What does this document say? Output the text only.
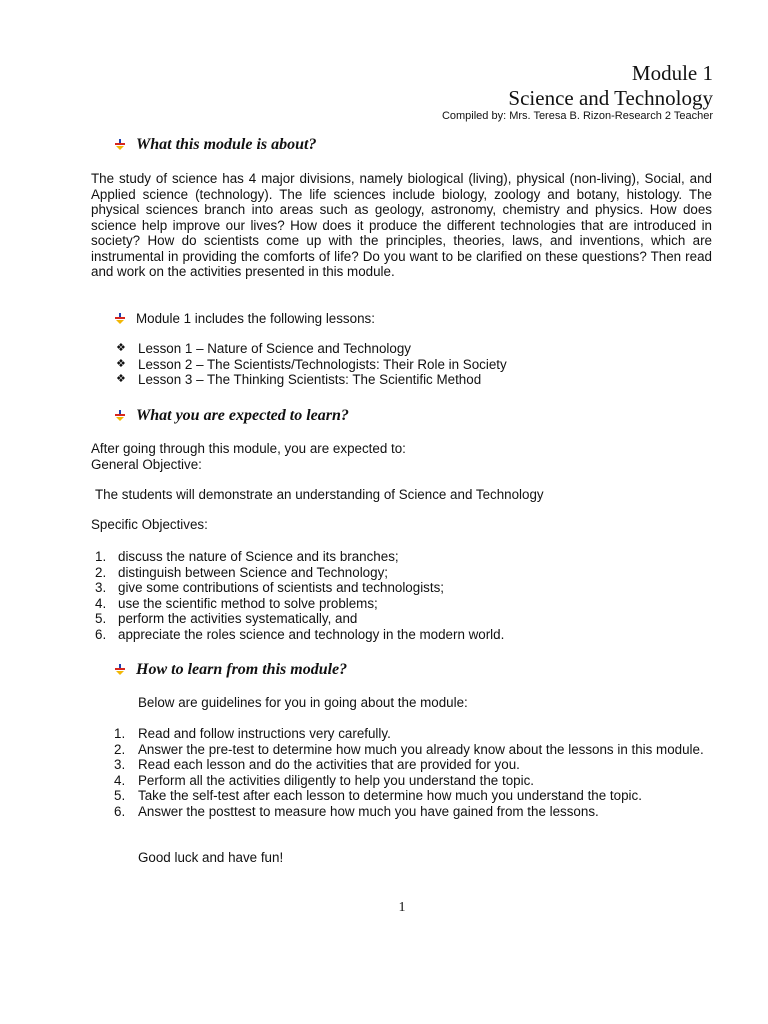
Module 1
Science and Technology
Compiled by: Mrs. Teresa B. Rizon-Research 2 Teacher
What this module is about?
The study of science has 4 major divisions, namely biological (living), physical (non-living), Social, and Applied science (technology). The life sciences include biology, zoology and botany, histology. The physical sciences branch into areas such as geology, astronomy, chemistry and physics. How does science help improve our lives? How does it produce the different technologies that are introduced in society? How do scientists come up with the principles, theories, laws, and inventions, which are instrumental in providing the comforts of life? Do you want to be clarified on these questions? Then read and work on the activities presented in this module.
Module 1 includes the following lessons:
❖ Lesson 1 – Nature of Science and Technology
❖ Lesson 2 – The Scientists/Technologists: Their Role in Society
❖ Lesson 3 – The Thinking Scientists: The Scientific Method
What you are expected to learn?
After going through this module, you are expected to:
General Objective:
The students will demonstrate an understanding of Science and Technology
Specific Objectives:
1. discuss the nature of Science and its branches;
2. distinguish between Science and Technology;
3. give some contributions of scientists and technologists;
4. use the scientific method to solve problems;
5. perform the activities systematically, and
6. appreciate the roles science and technology in the modern world.
How to learn from this module?
Below are guidelines for you in going about the module:
1. Read and follow instructions very carefully.
2. Answer the pre-test to determine how much you already know about the lessons in this module.
3. Read each lesson and do the activities that are provided for you.
4. Perform all the activities diligently to help you understand the topic.
5. Take the self-test after each lesson to determine how much you understand the topic.
6. Answer the posttest to measure how much you have gained from the lessons.
Good luck and have fun!
1
